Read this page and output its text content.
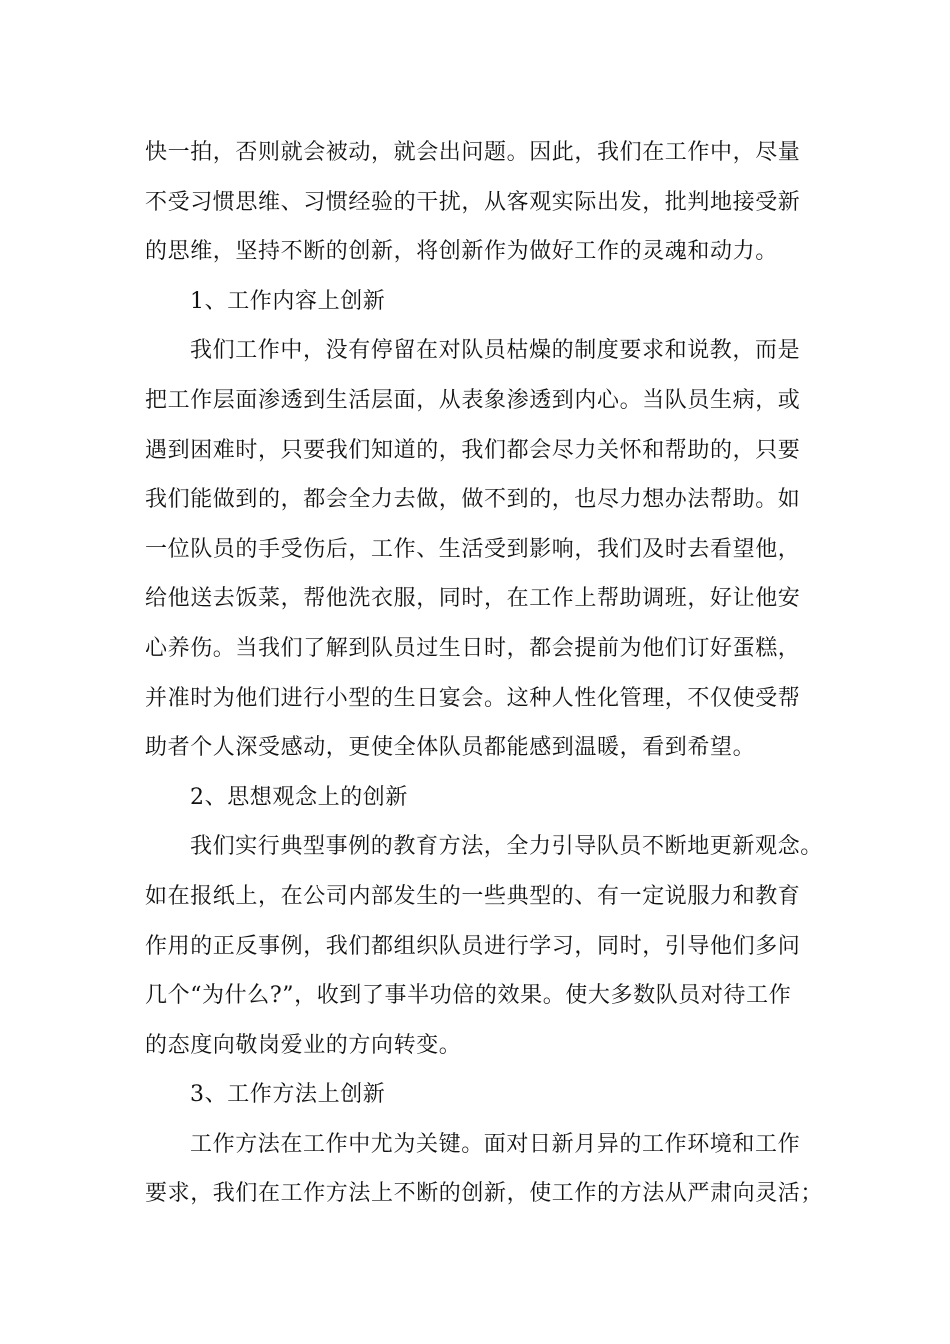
快一拍，否则就会被动，就会出问题。因此，我们在工作中，尽量
不受习惯思维、习惯经验的干扰，从客观实际出发，批判地接受新
的思维，坚持不断的创新，将创新作为做好工作的灵魂和动力。
1、工作内容上创新
我们工作中，没有停留在对队员枯燥的制度要求和说教，而是
把工作层面渗透到生活层面，从表象渗透到内心。当队员生病，或
遇到困难时，只要我们知道的，我们都会尽力关怀和帮助的，只要
我们能做到的，都会全力去做，做不到的，也尽力想办法帮助。如
一位队员的手受伤后，工作、生活受到影响，我们及时去看望他，
给他送去饭菜，帮他洗衣服，同时，在工作上帮助调班，好让他安
心养伤。当我们了解到队员过生日时，都会提前为他们订好蛋糕，
并准时为他们进行小型的生日宴会。这种人性化管理，不仅使受帮
助者个人深受感动，更使全体队员都能感到温暖，看到希望。
2、思想观念上的创新
我们实行典型事例的教育方法，全力引导队员不断地更新观念。
如在报纸上，在公司内部发生的一些典型的、有一定说服力和教育
作用的正反事例，我们都组织队员进行学习，同时，引导他们多问
几个“为什么?”，收到了事半功倍的效果。使大多数队员对待工作
的态度向敬岗爱业的方向转变。
3、工作方法上创新
工作方法在工作中尤为关键。面对日新月异的工作环境和工作
要求，我们在工作方法上不断的创新，使工作的方法从严肃向灵活；
